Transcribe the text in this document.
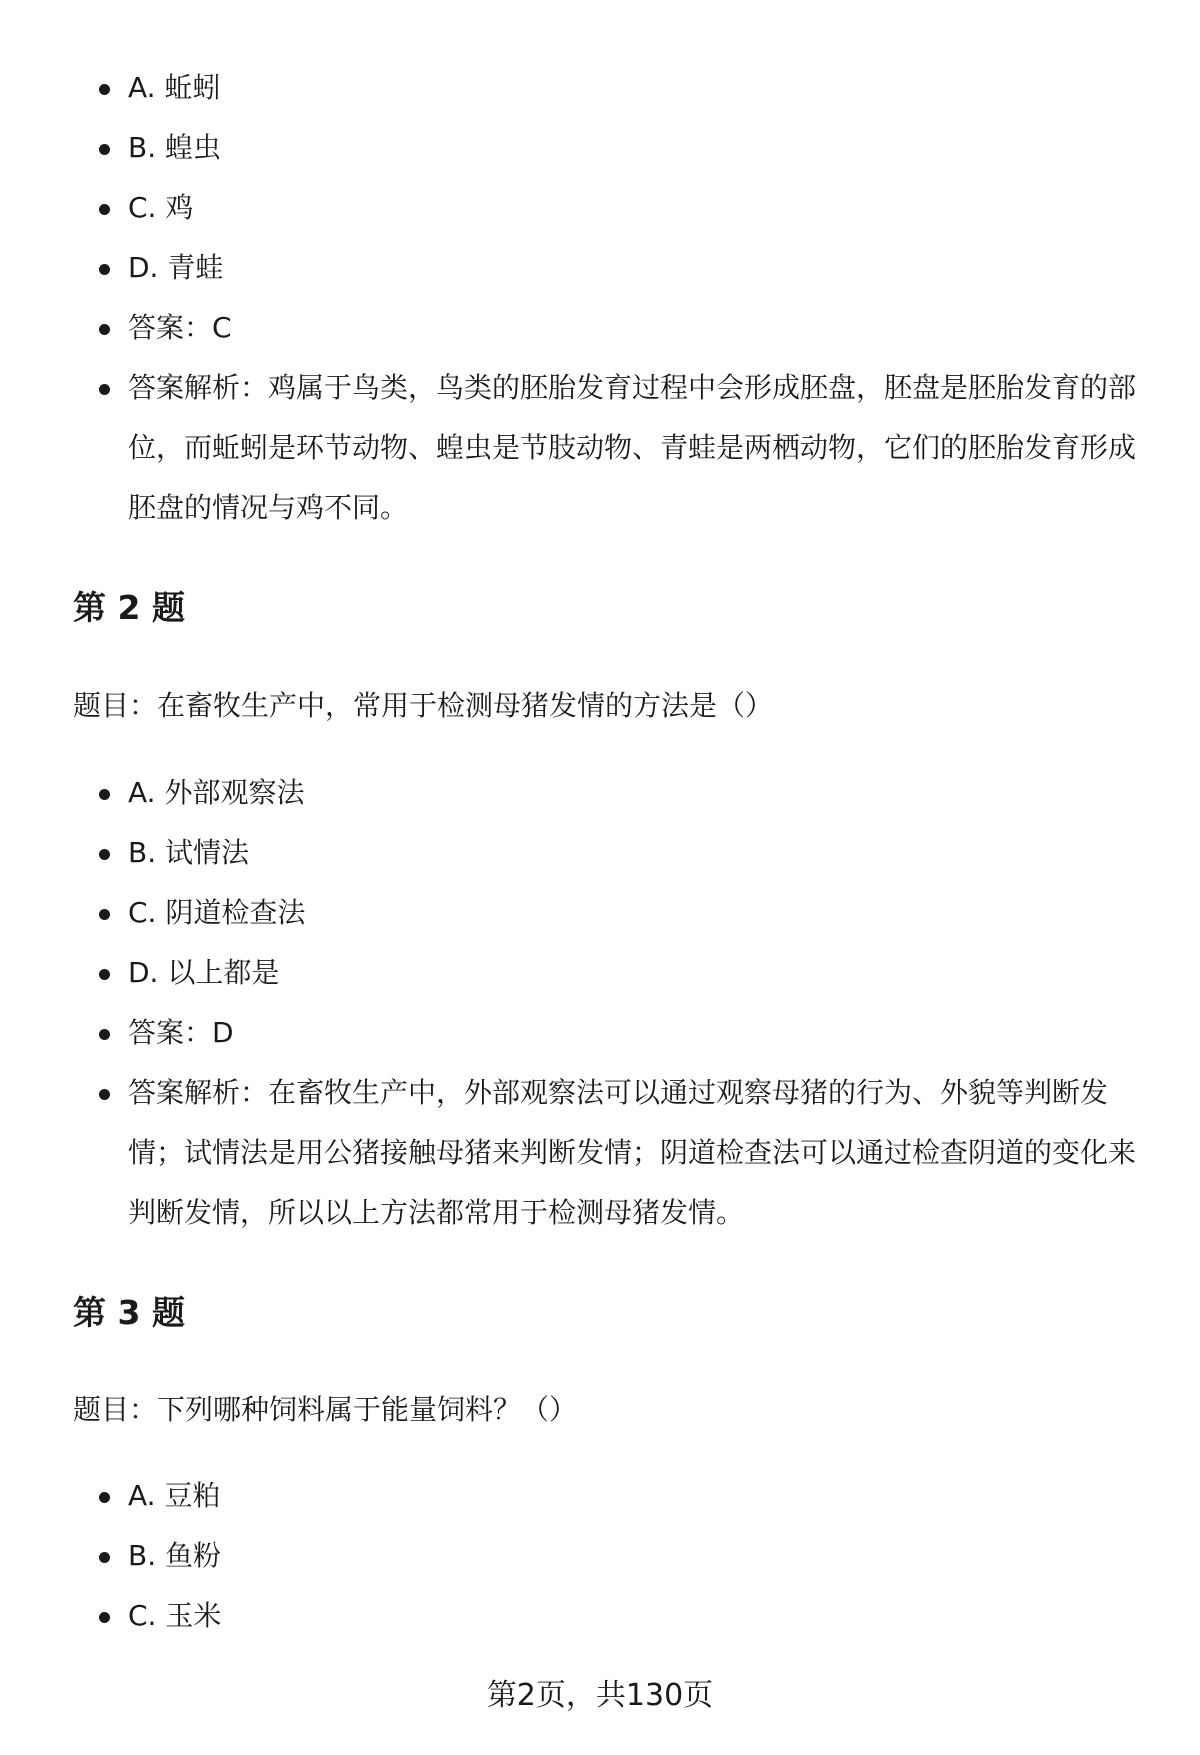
A. 蚯蚓
B. 蝗虫
C. 鸡
D. 青蛙
答案：C
答案解析：鸡属于鸟类，鸟类的胚胎发育过程中会形成胚盘，胚盘是胚胎发育的部位，而蚯蚓是环节动物、蝗虫是节肢动物、青蛙是两栖动物，它们的胚胎发育形成胚盘的情况与鸡不同。
第 2 题
题目：在畜牧生产中，常用于检测母猪发情的方法是（）
A. 外部观察法
B. 试情法
C. 阴道检查法
D. 以上都是
答案：D
答案解析：在畜牧生产中，外部观察法可以通过观察母猪的行为、外貌等判断发情；试情法是用公猪接触母猪来判断发情；阴道检查法可以通过检查阴道的变化来判断发情，所以以上方法都常用于检测母猪发情。
第 3 题
题目：下列哪种饲料属于能量饲料？（）
A. 豆粕
B. 鱼粉
C. 玉米
第2页，共130页
